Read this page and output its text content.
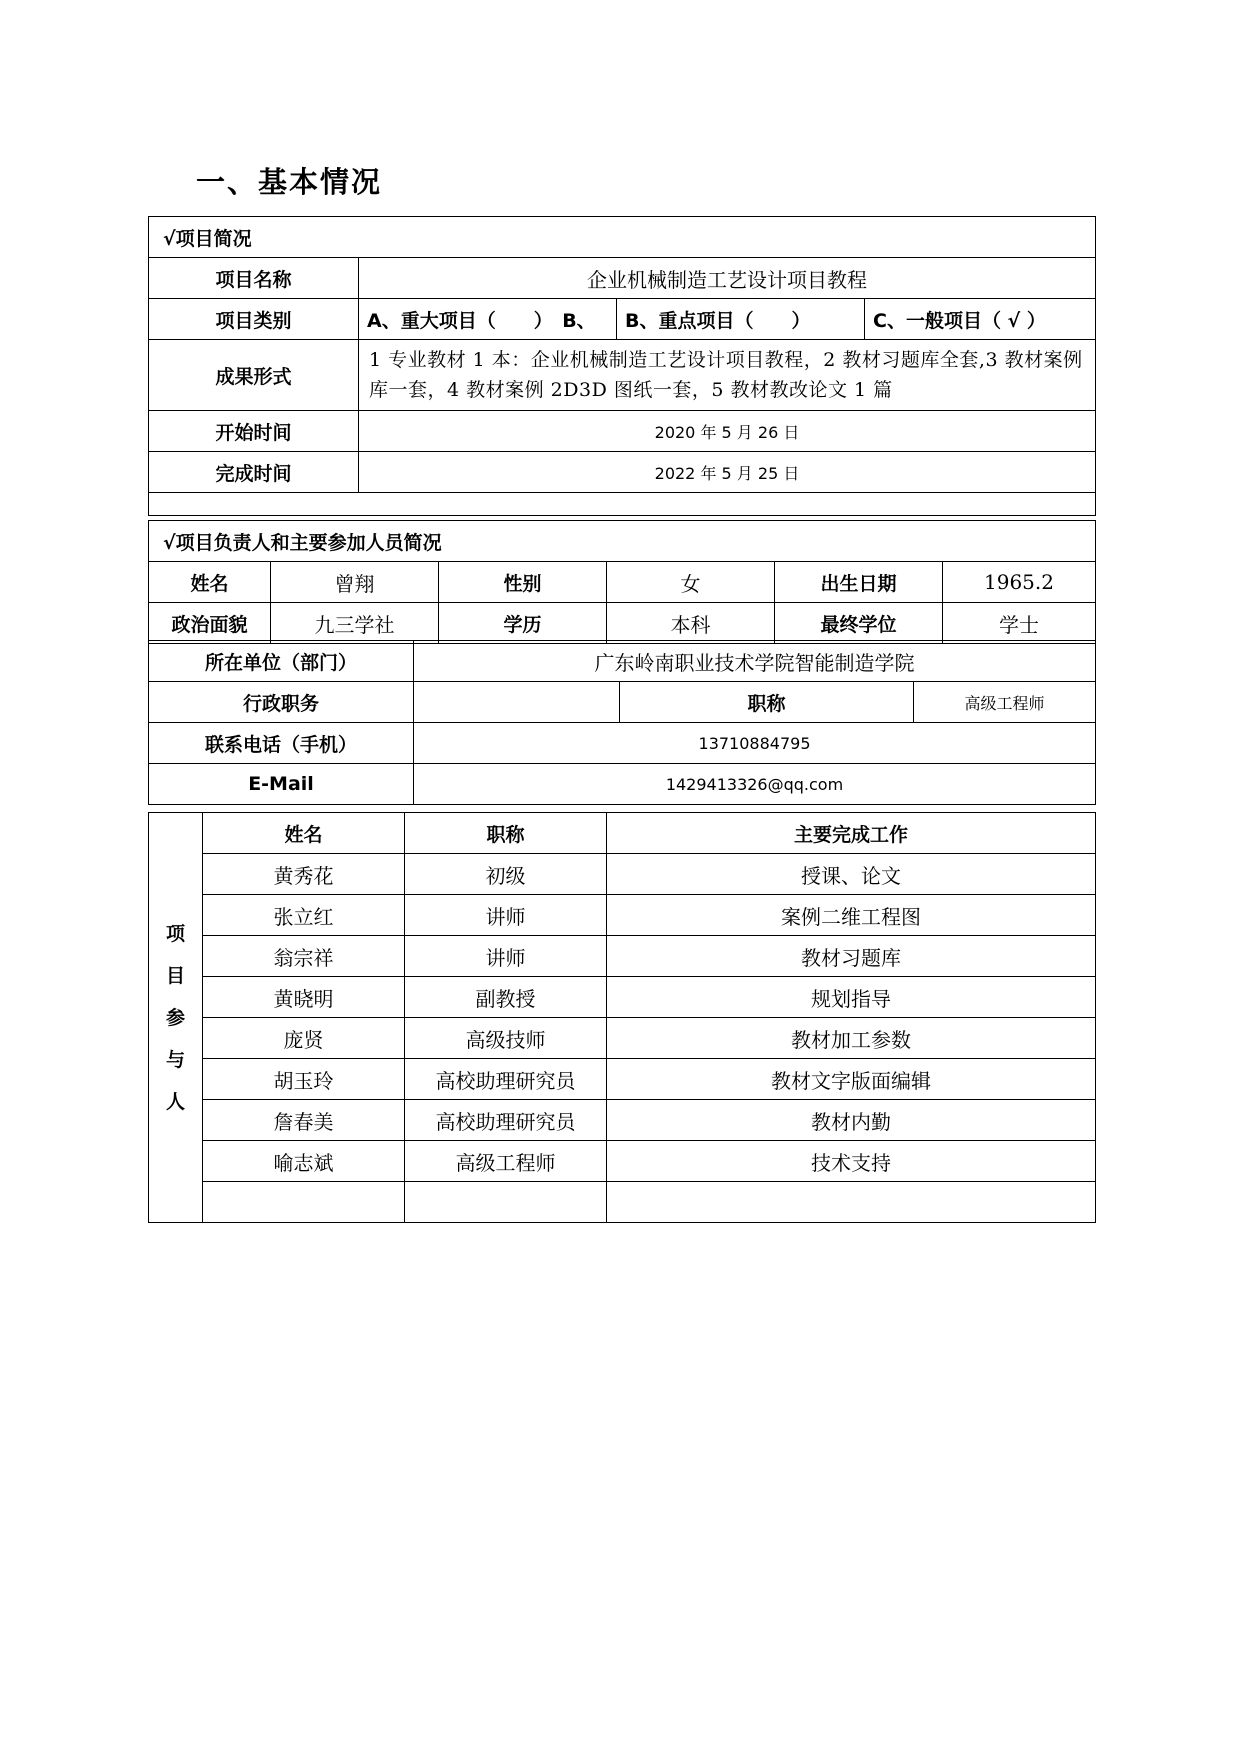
一、基本情况
√项目简况			
项目名称	企业机械制造工艺设计项目教程		
项目类别	A、重大项目（　　）　B、	B、重点项目（　　）	C、一般项目（ √ ）
成果形式	1 专业教材 1 本：企业机械制造工艺设计项目教程，2 教材习题库全套,3 教材案例库一套，4 教材案例 2D3D 图纸一套，5 教材教改论文 1 篇		
开始时间	2020 年 5 月 26 日		
完成时间	2022 年 5 月 25 日		

√项目负责人和主要参加人员简况					
姓名	曾翔	性别	女	出生日期	1965.2
政治面貌	九三学社	学历	本科	最终学位	学士
所在单位（部门）	广东岭南职业技术学院智能制造学院		
行政职务		职称	高级工程师
联系电话（手机）	13710884795		
E-Mail	1429413326@qq.com		
项
目
参
与
人	姓名	职称	主要完成工作
	黄秀花	初级	授课、论文
	张立红	讲师	案例二维工程图
	翁宗祥	讲师	教材习题库
	黄晓明	副教授	规划指导
	庞贤	高级技师	教材加工参数
	胡玉玲	高校助理研究员	教材文字版面编辑
	詹春美	高校助理研究员	教材内勤
	喻志斌	高级工程师	技术支持
